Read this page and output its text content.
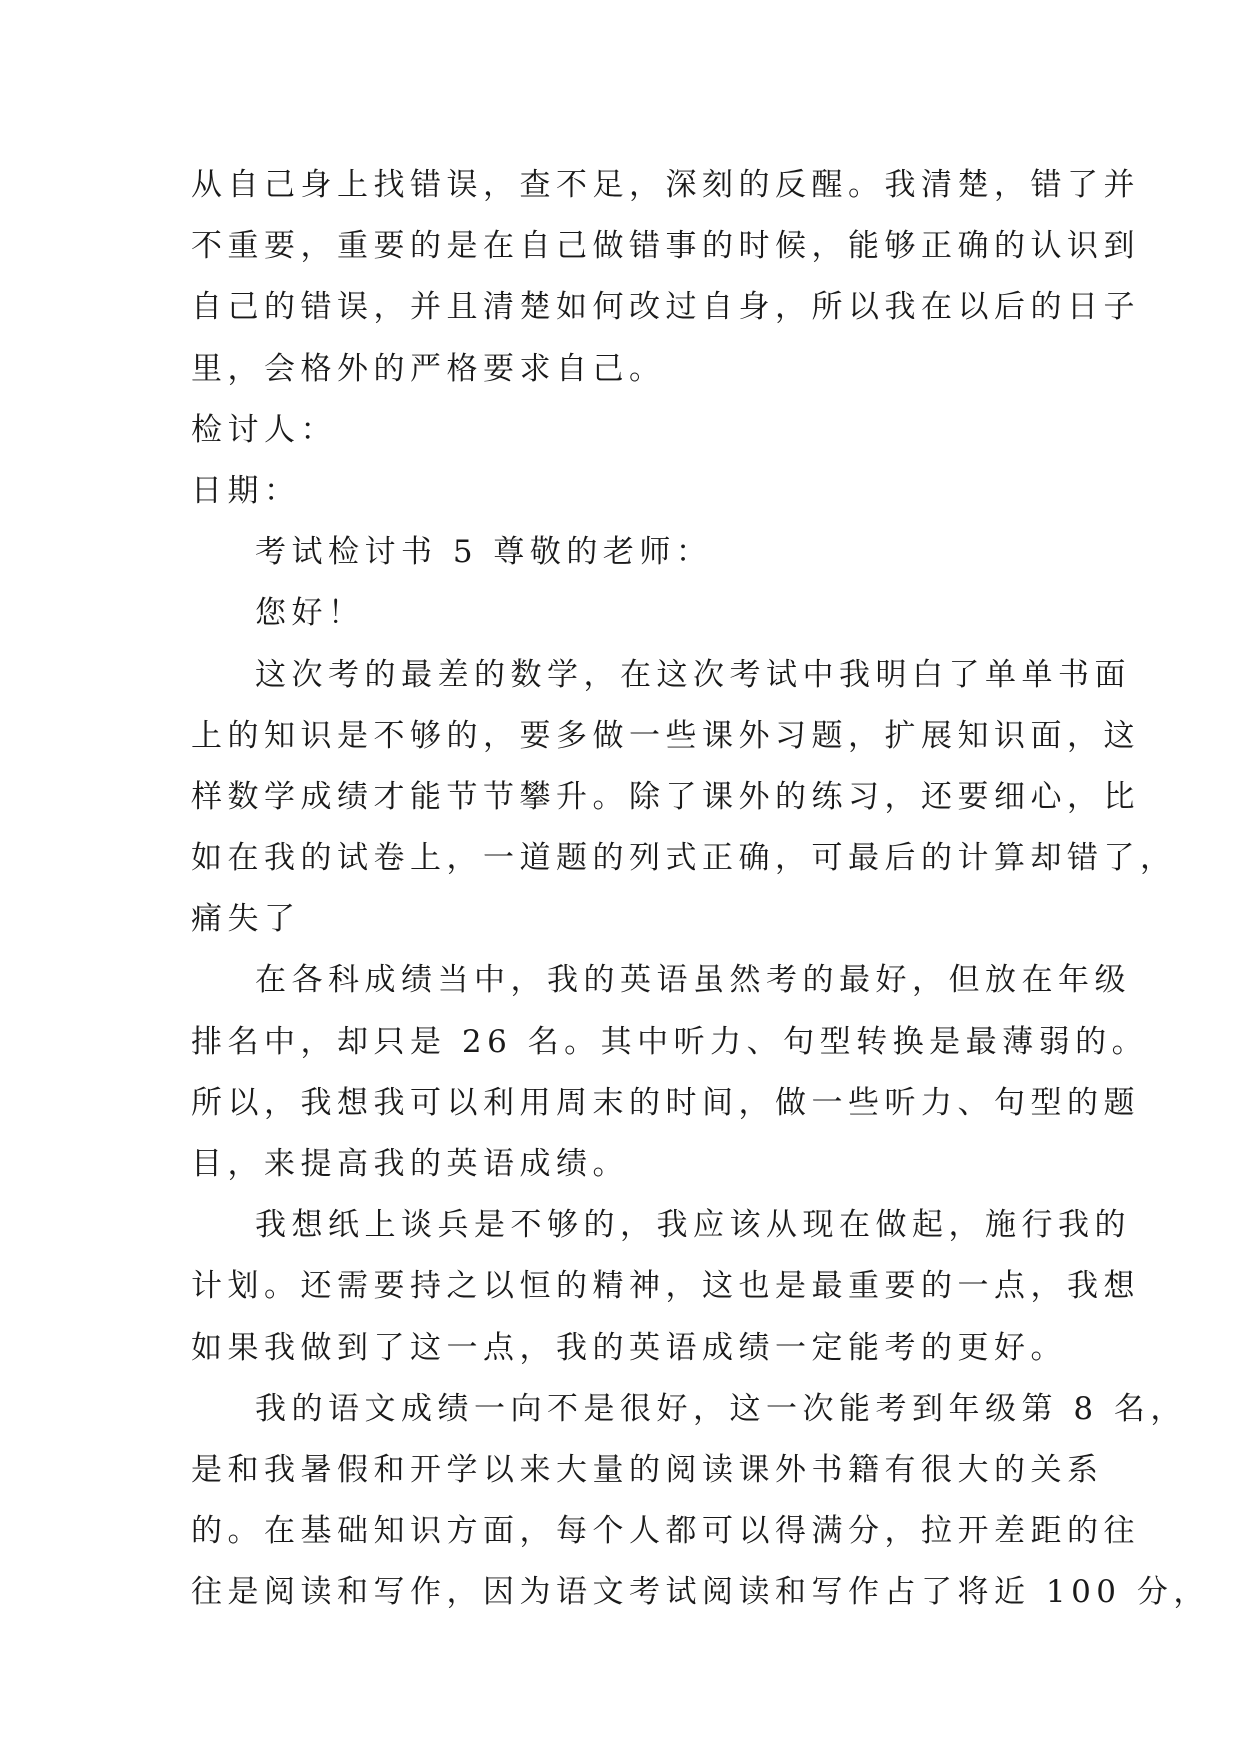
从自己身上找错误，查不足，深刻的反醒。我清楚，错了并
不重要，重要的是在自己做错事的时候，能够正确的认识到
自己的错误，并且清楚如何改过自身，所以我在以后的日子
里，会格外的严格要求自己。
检讨人：
日期：
考试检讨书 5 尊敬的老师：
您好！
这次考的最差的数学，在这次考试中我明白了单单书面
上的知识是不够的，要多做一些课外习题，扩展知识面，这
样数学成绩才能节节攀升。除了课外的练习，还要细心，比
如在我的试卷上，一道题的列式正确，可最后的计算却错了，
痛失了
在各科成绩当中，我的英语虽然考的最好，但放在年级
排名中，却只是 26 名。其中听力、句型转换是最薄弱的。
所以，我想我可以利用周末的时间，做一些听力、句型的题
目，来提高我的英语成绩。
我想纸上谈兵是不够的，我应该从现在做起，施行我的
计划。还需要持之以恒的精神，这也是最重要的一点，我想
如果我做到了这一点，我的英语成绩一定能考的更好。
我的语文成绩一向不是很好，这一次能考到年级第 8 名，
是和我暑假和开学以来大量的阅读课外书籍有很大的关系
的。在基础知识方面，每个人都可以得满分，拉开差距的往
往是阅读和写作，因为语文考试阅读和写作占了将近 100 分，
